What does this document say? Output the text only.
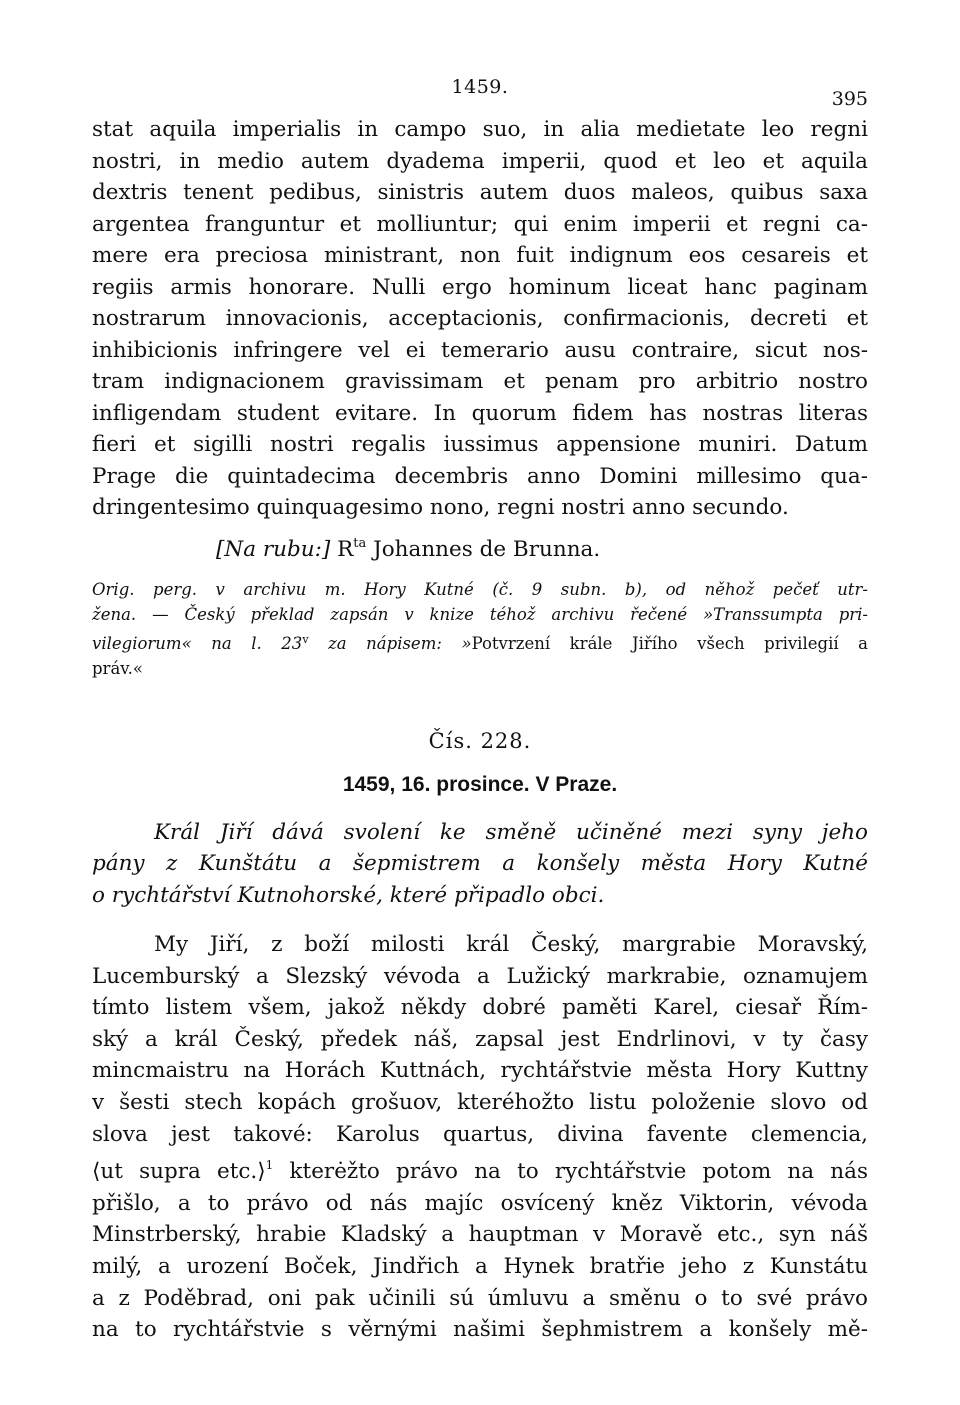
1459.
395
stat aquila imperialis in campo suo, in alia medietate leo regni
nostri, in medio autem dyadema imperii, quod et leo et aquila
dextris tenent pedibus, sinistris autem duos maleos, quibus saxa
argentea franguntur et molliuntur; qui enim imperii et regni ca-
mere era preciosa ministrant, non fuit indignum eos cesareis et
regiis armis honorare. Nulli ergo hominum liceat hanc paginam
nostrarum innovacionis, acceptacionis, confirmacionis, decreti et
inhibicionis infringere vel ei temerario ausu contraire, sicut nos-
tram indignacionem gravissimam et penam pro arbitrio nostro
infligendam student evitare. In quorum fidem has nostras literas
fieri et sigilli nostri regalis iussimus appensione muniri. Datum
Prage die quintadecima decembris anno Domini millesimo qua-
dringentesimo quinquagesimo nono, regni nostri anno secundo.
[Na rubu:] $R^{ta}$ Johannes de Brunna.
Orig. perg. v archivu m. Hory Kutné (č. 9 subn. b), od něhož pečeť utr-
žena. — Český překlad zapsán v knize téhož archivu řečené »Transsumpta pri-
vilegiorum« na l. 23$^v$ za nápisem: »Potvrzení krále Jiřího všech privilegií a
práv.«
Čís. 228.
1459, 16. prosince. V Praze.
Král Jiří dává svolení ke směně učiněné mezi syny jeho
pány z Kunštátu a šepmistrem a konšely města Hory Kutné
o rychtářství Kutnohorské, které připadlo obci.
My Jiří, z boží milosti král Český, margrabie Moravský,
Lucemburský a Slezský vévoda a Lužický markrabie, oznamujem
tímto listem všem, jakož někdy dobré paměti Karel, ciesař Řím-
ský a král Český, předek náš, zapsal jest Endrlinovi, v ty časy
mincmaistru na Horách Kuttnách, rychtářstvie města Hory Kuttny
v šesti stech kopách grošuov, kteréhožto listu položenie slovo od
slova jest takové: Karolus quartus, divina favente clemencia,
⟨ut supra etc.⟩$^1$ kterėžto právo na to rychtářstvie potom na nás
přišlo, a to právo od nás majíc osvícený kněz Viktorin, vévoda
Minstrberský, hrabie Kladský a hauptman v Moravě etc., syn náš
milý, a urození Boček, Jindřich a Hynek bratřie jeho z Kunstátu
a z Poděbrad, oni pak učinili sú úmluvu a směnu o to své právo
na to rychtářstvie s věrnými našimi šephmistrem a konšely mě-
